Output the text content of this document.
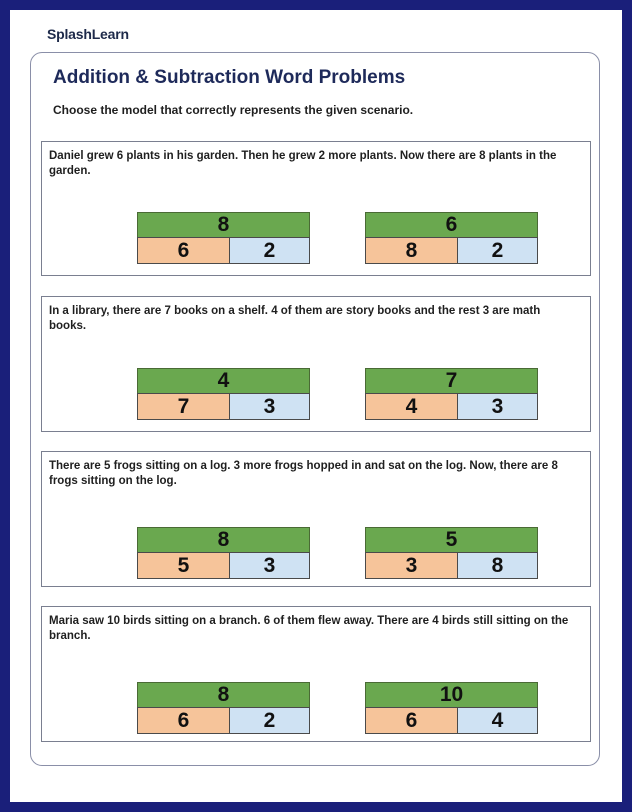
SplashLearn
Addition & Subtraction Word Problems
Choose the model that correctly represents the given scenario.
Daniel grew 6 plants in his garden. Then he grew 2 more plants. Now there are 8 plants in the garden.
8
6	2
6
8	2
In a library, there are 7 books on a shelf. 4 of them are story books and the rest 3 are math books.
4
7	3
7
4	3
There are 5 frogs sitting on a log. 3 more frogs hopped in and sat on the log. Now, there are 8 frogs sitting on the log.
8
5	3
5
3	8
Maria saw 10 birds sitting on a branch. 6 of them flew away. There are 4 birds still sitting on the branch.
8
6	2
10
6	4
